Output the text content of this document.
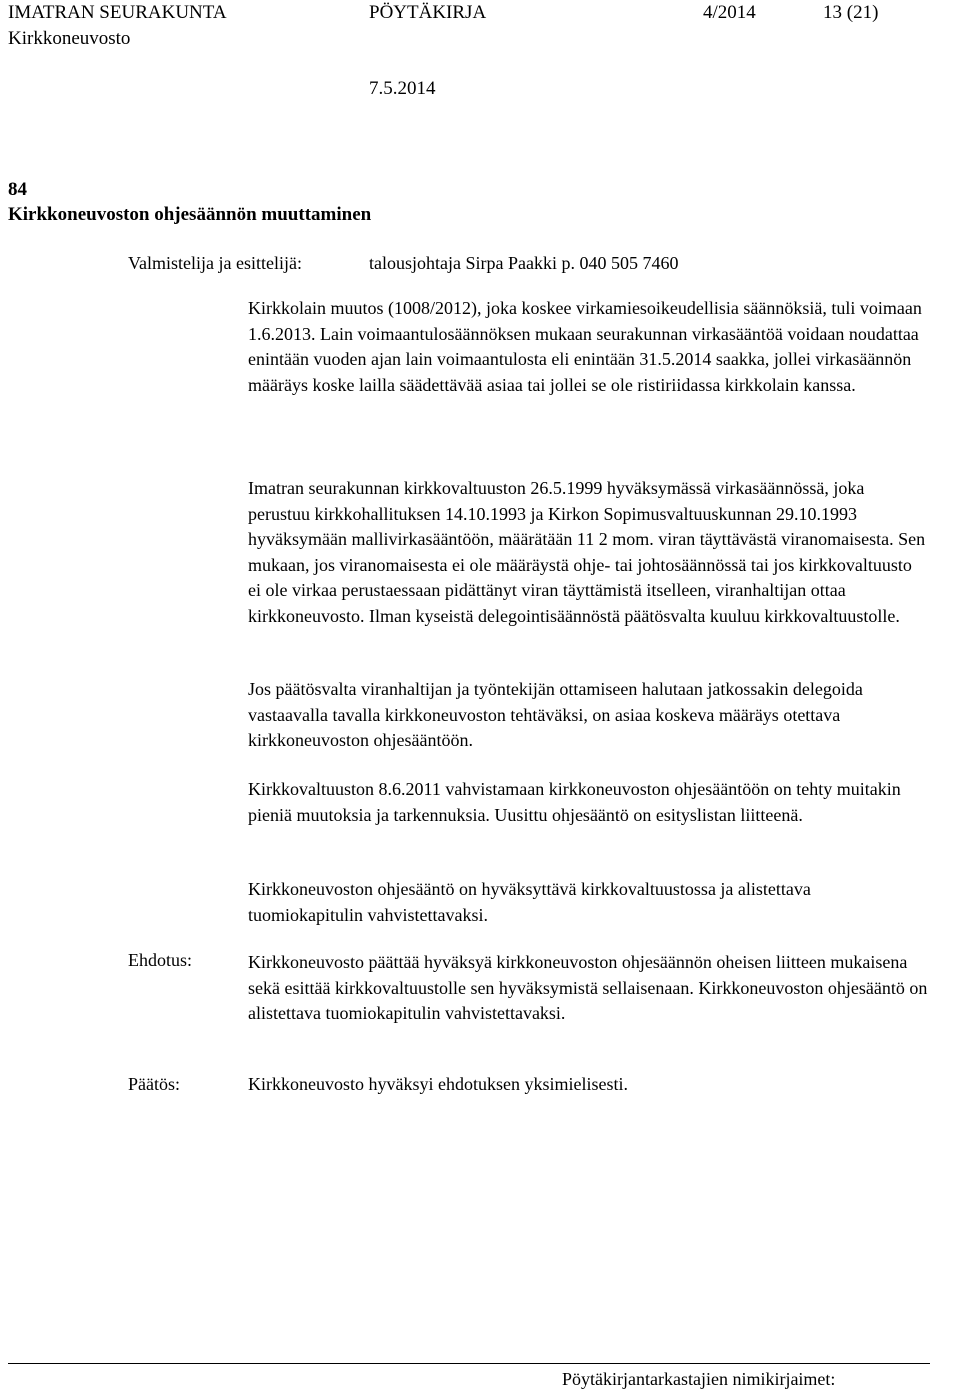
IMATRAN SEURAKUNTA	PÖYTÄKIRJA	4/2014	13 (21)
Kirkkoneuvosto
7.5.2014
84
Kirkkoneuvoston ohjesäännön muuttaminen
Valmistelija ja esittelijä:	talousjohtaja Sirpa Paakki p. 040 505 7460

Kirkkolain muutos (1008/2012), joka koskee virkamiesoikeudellisia säännöksiä, tuli voimaan 1.6.2013. Lain voimaantulosäännöksen mukaan seurakunnan virkasääntöä voidaan noudattaa enintään vuoden ajan lain voimaantulosta eli enintään 31.5.2014 saakka, jollei virkasäännön määräys koske lailla säädettävää asiaa tai jollei se ole ristiriidassa kirkkolain kanssa.

Imatran seurakunnan kirkkovaltuuston 26.5.1999 hyväksymässä virkasäännössä, joka perustuu kirkkohallituksen 14.10.1993 ja Kirkon Sopimusvaltuuskunnan 29.10.1993 hyväksymään mallivirkasääntöön, määrätään 11 2 mom. viran täyttävästä viranomaisesta. Sen mukaan, jos viranomaisesta ei ole määräystä ohje- tai johtosäännössä tai jos kirkkovaltuusto ei ole virkaa perustaessaan pidättänyt viran täyttämistä itselleen, viranhaltijan ottaa kirkkoneuvosto. Ilman kyseistä delegointisäännöstä päätösvalta kuuluu kirkkovaltuustolle.

Jos päätösvalta viranhaltijan ja työntekijän ottamiseen halutaan jatkossakin delegoida vastaavalla tavalla kirkkoneuvoston tehtäväksi, on asiaa koskeva määräys otettava kirkkoneuvoston ohjesääntöön.

Kirkkovaltuuston 8.6.2011 vahvistamaan kirkkoneuvoston ohjesääntöön on tehty muitakin pieniä muutoksia ja tarkennuksia. Uusittu ohjesääntö on esityslistan liitteenä.

Kirkkoneuvoston ohjesääntö on hyväksyttävä kirkkovaltuustossa ja alistettava tuomiokapitulin vahvistettavaksi.

Ehdotus:	Kirkkoneuvosto päättää hyväksyä kirkkoneuvoston ohjesäännön oheisen liitteen mukaisena sekä esittää kirkkovaltuustolle sen hyväksymistä sellaisenaan. Kirkkoneuvoston ohjesääntö on alistettava tuomiokapitulin vahvistettavaksi.

Päätös:	Kirkkoneuvosto hyväksyi ehdotuksen yksimielisesti.
Pöytäkirjantarkastajien nimikirjaimet:
